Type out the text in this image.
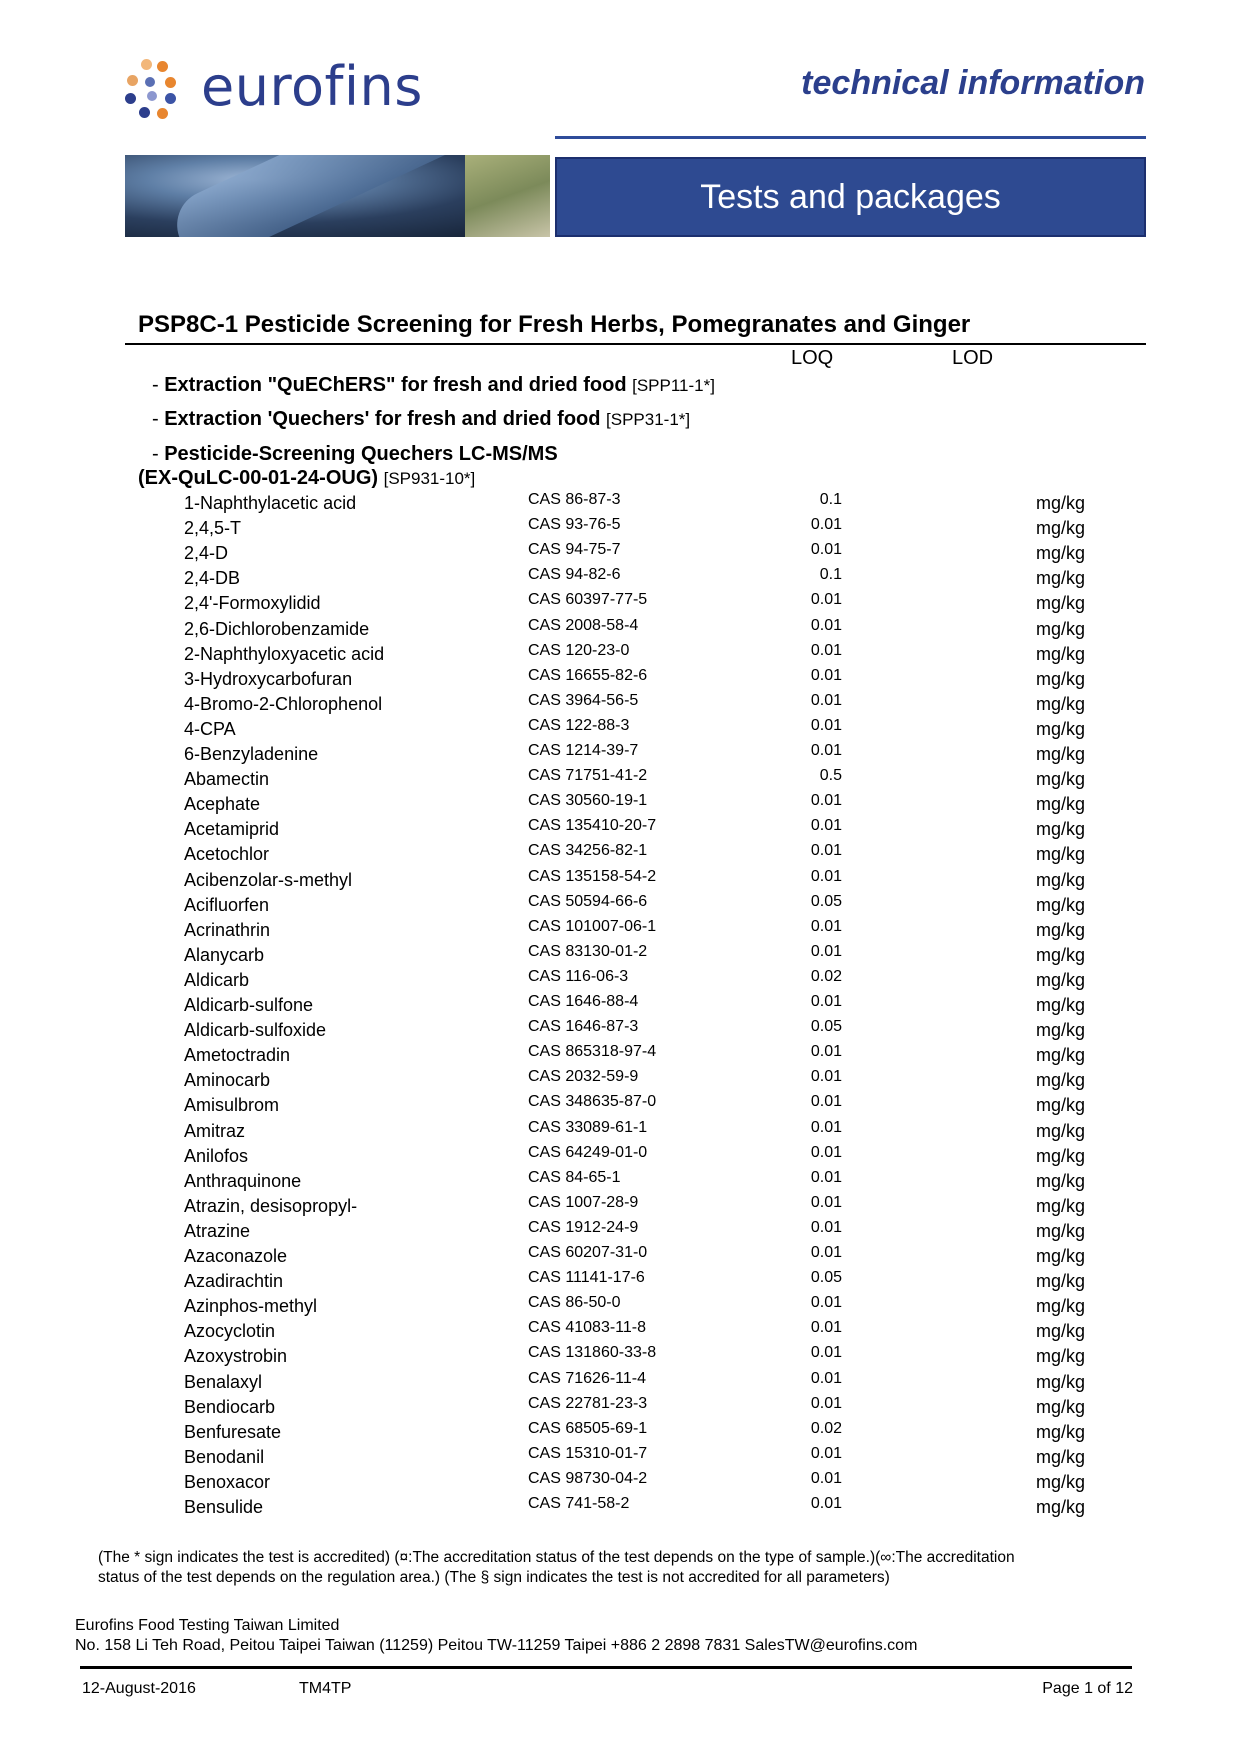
eurofins	technical information
Tests and packages
PSP8C-1 Pesticide Screening for Fresh Herbs, Pomegranates and Ginger
LOQ	LOD
- Extraction "QuEChERS" for fresh and dried food [SPP11-1*]
- Extraction 'Quechers' for fresh and dried food [SPP31-1*]
- Pesticide-Screening Quechers LC-MS/MS
(EX-QuLC-00-01-24-OUG) [SP931-10*]
1-Naphthylacetic acid	CAS 86-87-3	0.1	mg/kg
2,4,5-T	CAS 93-76-5	0.01	mg/kg
2,4-D	CAS 94-75-7	0.01	mg/kg
2,4-DB	CAS 94-82-6	0.1	mg/kg
2,4'-Formoxylidid	CAS 60397-77-5	0.01	mg/kg
2,6-Dichlorobenzamide	CAS 2008-58-4	0.01	mg/kg
2-Naphthyloxyacetic acid	CAS 120-23-0	0.01	mg/kg
3-Hydroxycarbofuran	CAS 16655-82-6	0.01	mg/kg
4-Bromo-2-Chlorophenol	CAS 3964-56-5	0.01	mg/kg
4-CPA	CAS 122-88-3	0.01	mg/kg
6-Benzyladenine	CAS 1214-39-7	0.01	mg/kg
Abamectin	CAS 71751-41-2	0.5	mg/kg
Acephate	CAS 30560-19-1	0.01	mg/kg
Acetamiprid	CAS 135410-20-7	0.01	mg/kg
Acetochlor	CAS 34256-82-1	0.01	mg/kg
Acibenzolar-s-methyl	CAS 135158-54-2	0.01	mg/kg
Acifluorfen	CAS 50594-66-6	0.05	mg/kg
Acrinathrin	CAS 101007-06-1	0.01	mg/kg
Alanycarb	CAS 83130-01-2	0.01	mg/kg
Aldicarb	CAS 116-06-3	0.02	mg/kg
Aldicarb-sulfone	CAS 1646-88-4	0.01	mg/kg
Aldicarb-sulfoxide	CAS 1646-87-3	0.05	mg/kg
Ametoctradin	CAS 865318-97-4	0.01	mg/kg
Aminocarb	CAS 2032-59-9	0.01	mg/kg
Amisulbrom	CAS 348635-87-0	0.01	mg/kg
Amitraz	CAS 33089-61-1	0.01	mg/kg
Anilofos	CAS 64249-01-0	0.01	mg/kg
Anthraquinone	CAS 84-65-1	0.01	mg/kg
Atrazin, desisopropyl-	CAS 1007-28-9	0.01	mg/kg
Atrazine	CAS 1912-24-9	0.01	mg/kg
Azaconazole	CAS 60207-31-0	0.01	mg/kg
Azadirachtin	CAS 11141-17-6	0.05	mg/kg
Azinphos-methyl	CAS 86-50-0	0.01	mg/kg
Azocyclotin	CAS 41083-11-8	0.01	mg/kg
Azoxystrobin	CAS 131860-33-8	0.01	mg/kg
Benalaxyl	CAS 71626-11-4	0.01	mg/kg
Bendiocarb	CAS 22781-23-3	0.01	mg/kg
Benfuresate	CAS 68505-69-1	0.02	mg/kg
Benodanil	CAS 15310-01-7	0.01	mg/kg
Benoxacor	CAS 98730-04-2	0.01	mg/kg
Bensulide	CAS 741-58-2	0.01	mg/kg
(The * sign indicates the test is accredited) (¤:The accreditation status of the test depends on the type of sample.)(∞:The accreditation
status of the test depends on the regulation area.) (The § sign indicates the test is not accredited for all parameters)
Eurofins Food Testing Taiwan Limited
No. 158 Li Teh Road, Peitou Taipei Taiwan (11259) Peitou TW-11259 Taipei +886 2 2898 7831 SalesTW@eurofins.com
12-August-2016	TM4TP	Page 1 of 12
